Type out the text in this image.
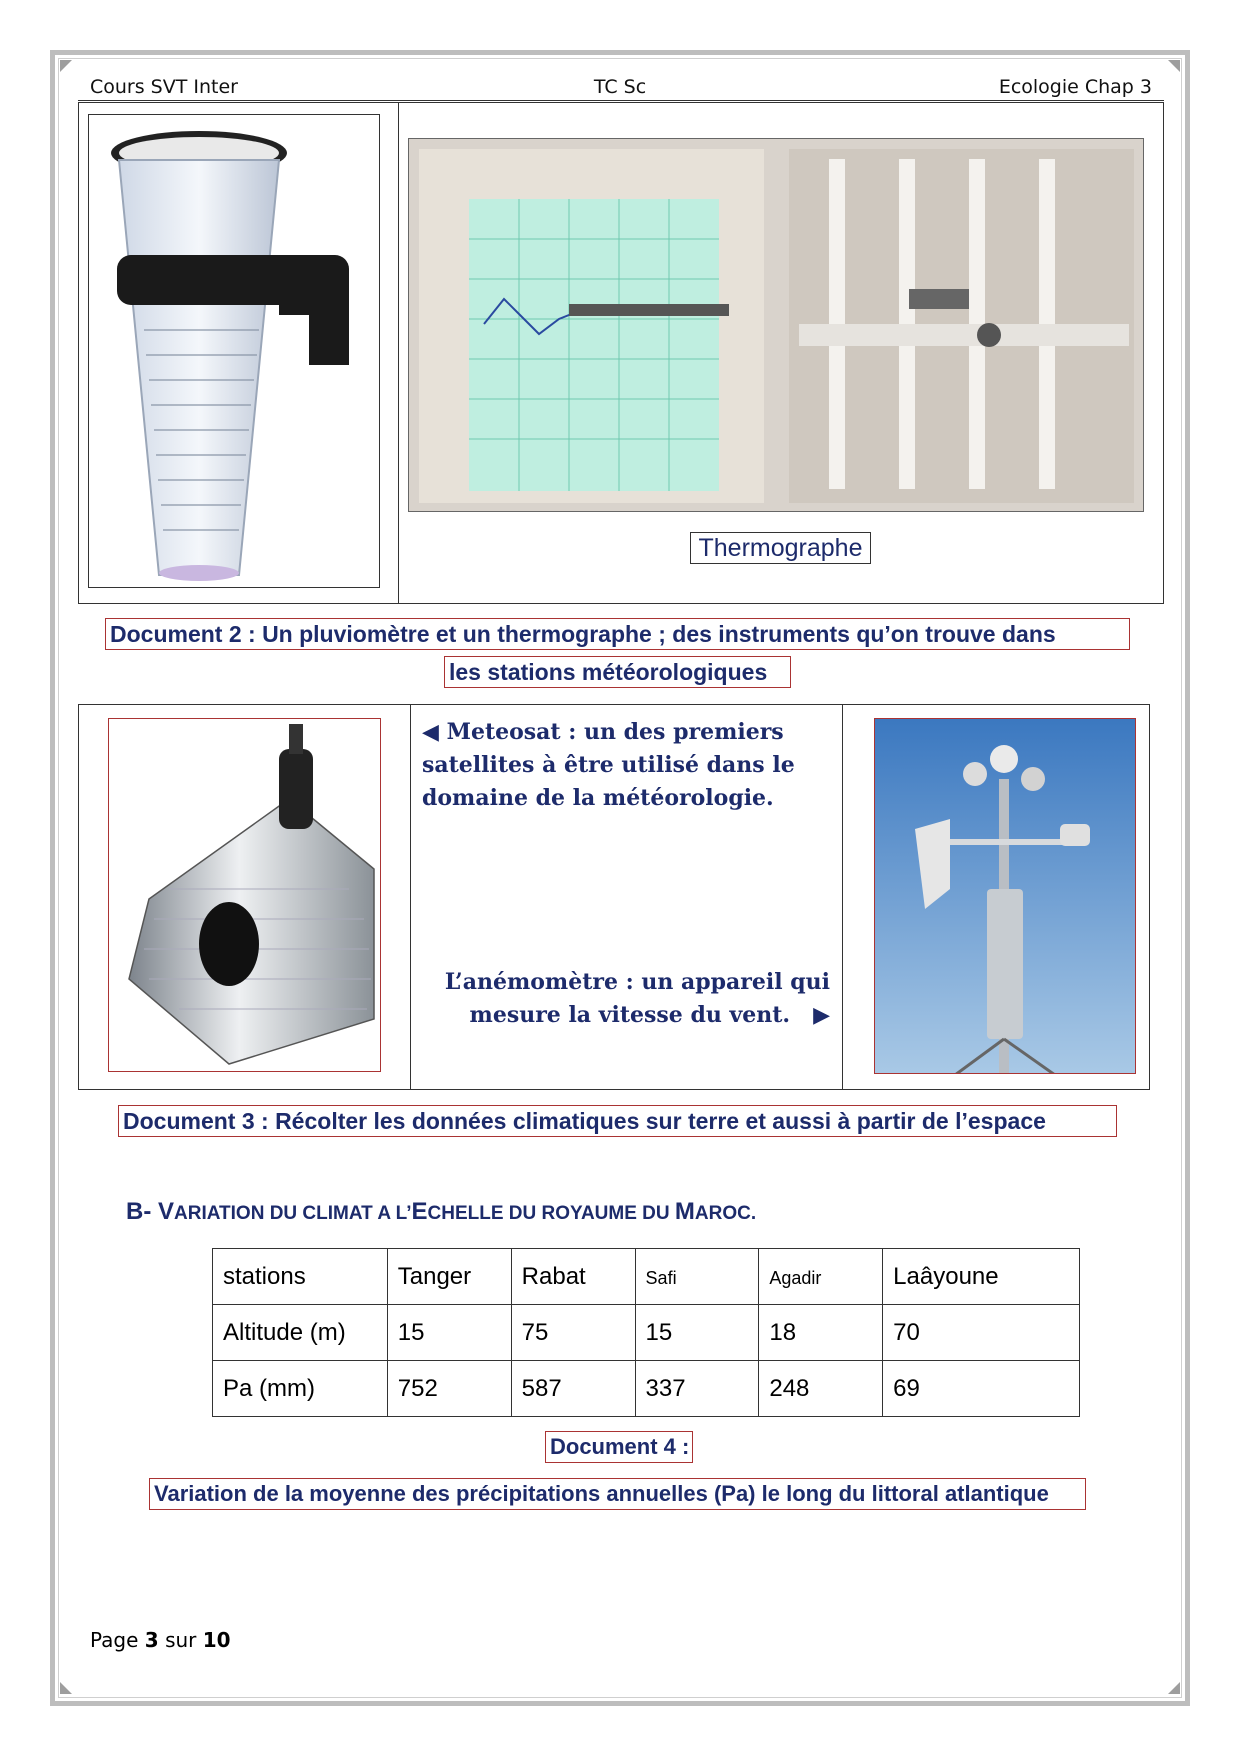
Cours SVT Inter	TC Sc	Ecologie Chap 3
Thermographe
Document 2 : Un pluviomètre et un thermographe ; des instruments qu’on trouve dans
les stations météorologiques
◀ Meteosat : un des premiers satellites à être utilisé dans le domaine de la météorologie.
L’anémomètre : un appareil qui
mesure la vitesse du vent. ▶
Document 3 : Récolter les données climatiques sur terre et aussi à partir de l’espace
B- VARIATION DU CLIMAT A L’ECHELLE DU ROYAUME DU MAROC.
stations	Tanger	Rabat	Safi	Agadir	Laâyoune
Altitude (m)	15	75	15	18	70
Pa (mm)	752	587	337	248	69
Document 4 :
Variation de la moyenne des précipitations annuelles (Pa) le long du littoral atlantique
Page 3 sur 10
